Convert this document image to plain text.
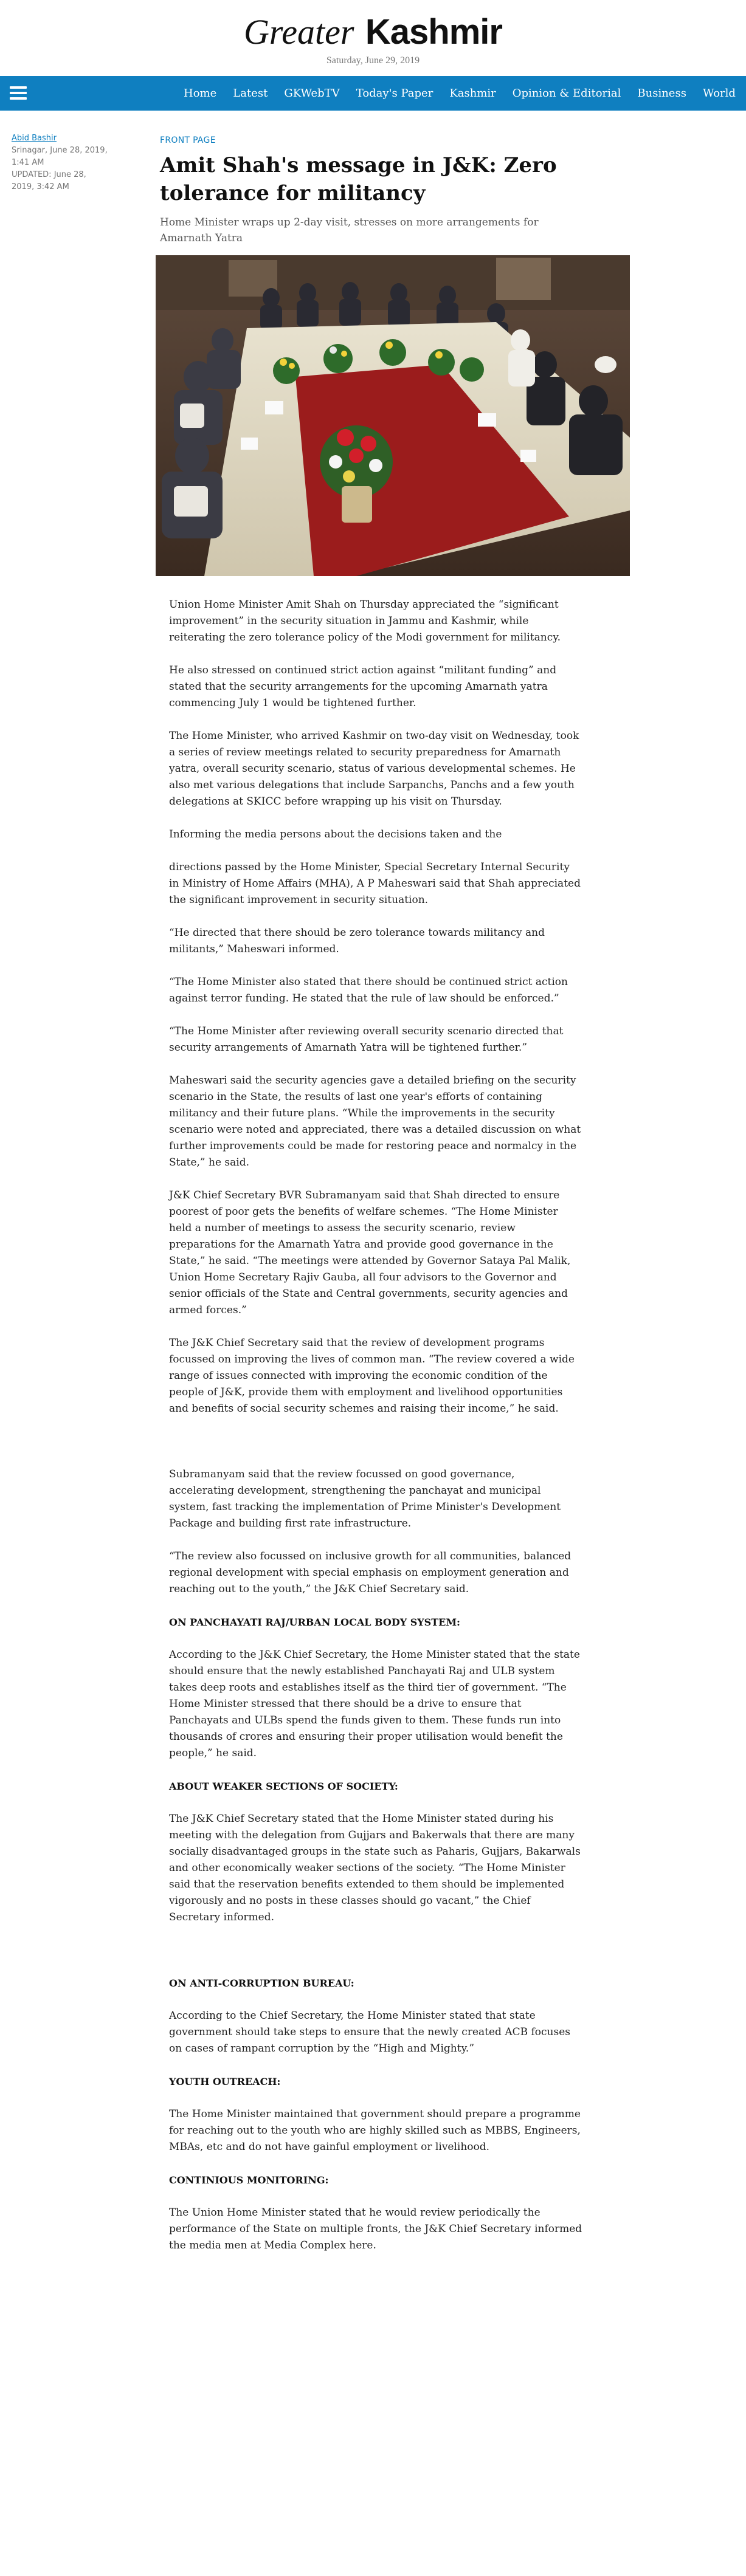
Greater Kashmir
Saturday, June 29, 2019
Home Latest GKWebTV Today's Paper Kashmir Opinion & Editorial Business World
Abid Bashir
Srinagar, June 28, 2019,
1:41 AM
UPDATED: June 28,
2019, 3:42 AM
FRONT PAGE
Amit Shah's message in J&K: Zero
tolerance for militancy

Home Minister wraps up 2-day visit, stresses on more arrangements for Amarnath Yatra

Union Home Minister Amit Shah on Thursday appreciated the “significant improvement” in the security situation in Jammu and Kashmir, while reiterating the zero tolerance policy of the Modi government for militancy.

He also stressed on continued strict action against “militant funding” and stated that the security arrangements for the upcoming Amarnath yatra commencing July 1 would be tightened further.

The Home Minister, who arrived Kashmir on two-day visit on Wednesday, took a series of review meetings related to security preparedness for Amarnath yatra, overall security scenario, status of various developmental schemes. He also met various delegations that include Sarpanchs, Panchs and a few youth delegations at SKICC before wrapping up his visit on Thursday.

Informing the media persons about the decisions taken and the

directions passed by the Home Minister, Special Secretary Internal Security in Ministry of Home Affairs (MHA), A P Maheswari said that Shah appreciated the significant improvement in security situation.

“He directed that there should be zero tolerance towards militancy and militants,” Maheswari informed.

“The Home Minister also stated that there should be continued strict action against terror funding. He stated that the rule of law should be enforced.”

“The Home Minister after reviewing overall security scenario directed that security arrangements of Amarnath Yatra will be tightened further.”

Maheswari said the security agencies gave a detailed briefing on the security scenario in the State, the results of last one year's efforts of containing militancy and their future plans. “While the improvements in the security scenario were noted and appreciated, there was a detailed discussion on what further improvements could be made for restoring peace and normalcy in the State,” he said.

J&K Chief Secretary BVR Subramanyam said that Shah directed to ensure poorest of poor gets the benefits of welfare schemes. “The Home Minister held a number of meetings to assess the security scenario, review preparations for the Amarnath Yatra and provide good governance in the State,” he said. “The meetings were attended by Governor Sataya Pal Malik, Union Home Secretary Rajiv Gauba, all four advisors to the Governor and senior officials of the State and Central governments, security agencies and armed forces.”

The J&K Chief Secretary said that the review of development programs focussed on improving the lives of common man. “The review covered a wide range of issues connected with improving the economic condition of the people of J&K, provide them with employment and livelihood opportunities and benefits of social security schemes and raising their income,” he said.

Subramanyam said that the review focussed on good governance, accelerating development, strengthening the panchayat and municipal system, fast tracking the implementation of Prime Minister's Development Package and building first rate infrastructure.

“The review also focussed on inclusive growth for all communities, balanced regional development with special emphasis on employment generation and reaching out to the youth,” the J&K Chief Secretary said.

ON PANCHAYATI RAJ/URBAN LOCAL BODY SYSTEM:

According to the J&K Chief Secretary, the Home Minister stated that the state should ensure that the newly established Panchayati Raj and ULB system takes deep roots and establishes itself as the third tier of government. “The Home Minister stressed that there should be a drive to ensure that Panchayats and ULBs spend the funds given to them. These funds run into thousands of crores and ensuring their proper utilisation would benefit the people,” he said.

ABOUT WEAKER SECTIONS OF SOCIETY:

The J&K Chief Secretary stated that the Home Minister stated during his meeting with the delegation from Gujjars and Bakerwals that there are many socially disadvantaged groups in the state such as Paharis, Gujjars, Bakarwals and other economically weaker sections of the society. “The Home Minister said that the reservation benefits extended to them should be implemented vigorously and no posts in these classes should go vacant,” the Chief Secretary informed.

ON ANTI-CORRUPTION BUREAU:

According to the Chief Secretary, the Home Minister stated that state government should take steps to ensure that the newly created ACB focuses on cases of rampant corruption by the “High and Mighty.”

YOUTH OUTREACH:

The Home Minister maintained that government should prepare a programme for reaching out to the youth who are highly skilled such as MBBS, Engineers, MBAs, etc and do not have gainful employment or livelihood.

CONTINIOUS MONITORING:

The Union Home Minister stated that he would review periodically the performance of the State on multiple fronts, the J&K Chief Secretary informed the media men at Media Complex here.
